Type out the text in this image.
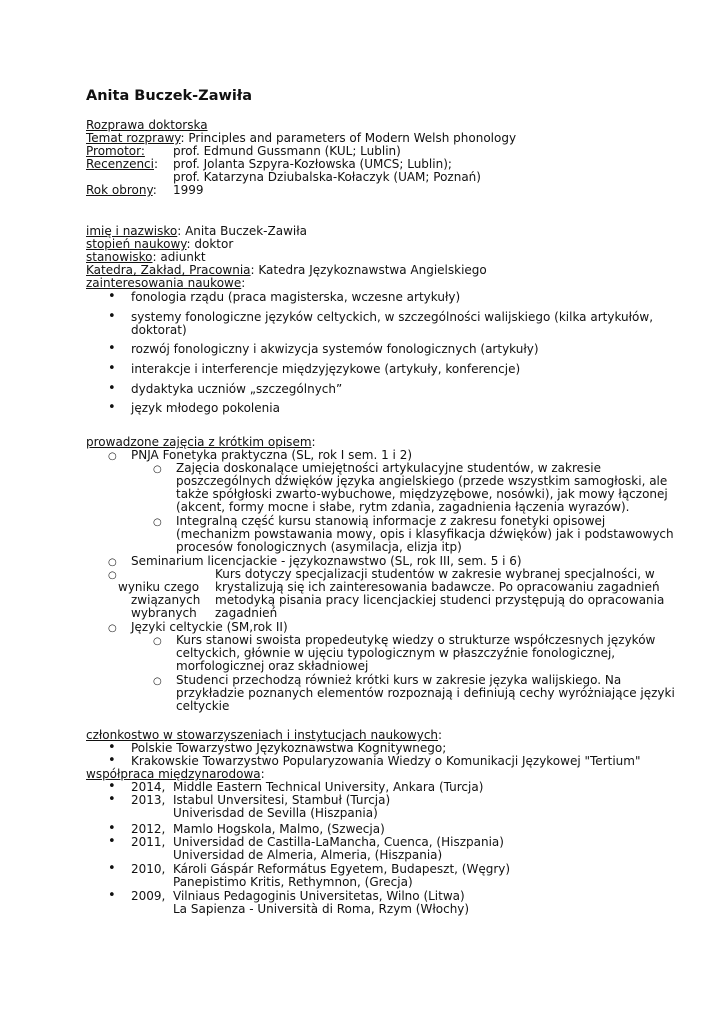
Anita Buczek-Zawiła
Rozprawa doktorska
Temat rozprawy: Principles and parameters of Modern Welsh phonology
Promotor: prof. Edmund Gussmann (KUL; Lublin)
Recenzenci: prof. Jolanta Szpyra-Kozłowska (UMCS; Lublin);
prof. Katarzyna Dziubalska-Kołaczyk (UAM; Poznań)
Rok obrony: 1999
imię i nazwisko: Anita Buczek-Zawiła
stopień naukowy: doktor
stanowisko: adiunkt
Katedra, Zakład, Pracownia: Katedra Językoznawstwa Angielskiego
zainteresowania naukowe:
•
fonologia rządu (praca magisterska, wczesne artykuły)
•
systemy fonologiczne języków celtyckich, w szczególności walijskiego (kilka artykułów,
doktorat)
•
rozwój fonologiczny i akwizycja systemów fonologicznych (artykuły)
•
interakcje i interferencje międzyjęzykowe (artykuły, konferencje)
•
dydaktyka uczniów „szczególnych”
•
język młodego pokolenia
prowadzone zajęcia z krótkim opisem:
○
PNJA Fonetyka praktyczna (SL, rok I sem. 1 i 2)
○
Zajęcia doskonalące umiejętności artykulacyjne studentów, w zakresie
poszczególnych dźwięków języka angielskiego (przede wszystkim samogłoski, ale
także spółgłoski zwarto-wybuchowe, międzyzębowe, nosówki), jak mowy łączonej
(akcent, formy mocne i słabe, rytm zdania, zagadnienia łączenia wyrazów).
○
Integralną część kursu stanowią informacje z zakresu fonetyki opisowej
(mechanizm powstawania mowy, opis i klasyfikacja dźwięków) jak i podstawowych
procesów fonologicznych (asymilacja, elizja itp)
○
Seminarium licencjackie - językoznawstwo (SL, rok III, sem. 5 i 6)
○
Kurs dotyczy specjalizacji studentów w zakresie wybranej specjalności, w
wyniku czego krystalizują się ich zainteresowania badawcze. Po opracowaniu zagadnień
związanych metodyką pisania pracy licencjackiej studenci przystępują do opracowania
wybranych zagadnień
○
Języki celtyckie (SM,rok II)
○
Kurs stanowi swoista propedeutykę wiedzy o strukturze współczesnych języków
celtyckich, głównie w ujęciu typologicznym w płaszczyźnie fonologicznej,
morfologicznej oraz składniowej
○
Studenci przechodzą również krótki kurs w zakresie języka walijskiego. Na
przykładzie poznanych elementów rozpoznają i definiują cechy wyróżniające języki
celtyckie
członkostwo w stowarzyszeniach i instytucjach naukowych:
•
Polskie Towarzystwo Językoznawstwa Kognitywnego;
•
Krakowskie Towarzystwo Popularyzowania Wiedzy o Komunikacji Językowej "Tertium"
współpraca międzynarodowa:
•
2014, Middle Eastern Technical University, Ankara (Turcja)
•
2013, Istabul Unversitesi, Stambuł (Turcja)
Univerisdad de Sevilla (Hiszpania)
•
2012, Mamlo Hogskola, Malmo, (Szwecja)
•
2011, Universidad de Castilla-LaMancha, Cuenca, (Hiszpania)
Universidad de Almeria, Almeria, (Hiszpania)
•
2010, Károli Gáspár Református Egyetem, Budapeszt, (Węgry)
Panepistimo Kritis, Rethymnon, (Grecja)
•
2009, Vilniaus Pedagoginis Universitetas, Wilno (Litwa)
La Sapienza - Università di Roma, Rzym (Włochy)
